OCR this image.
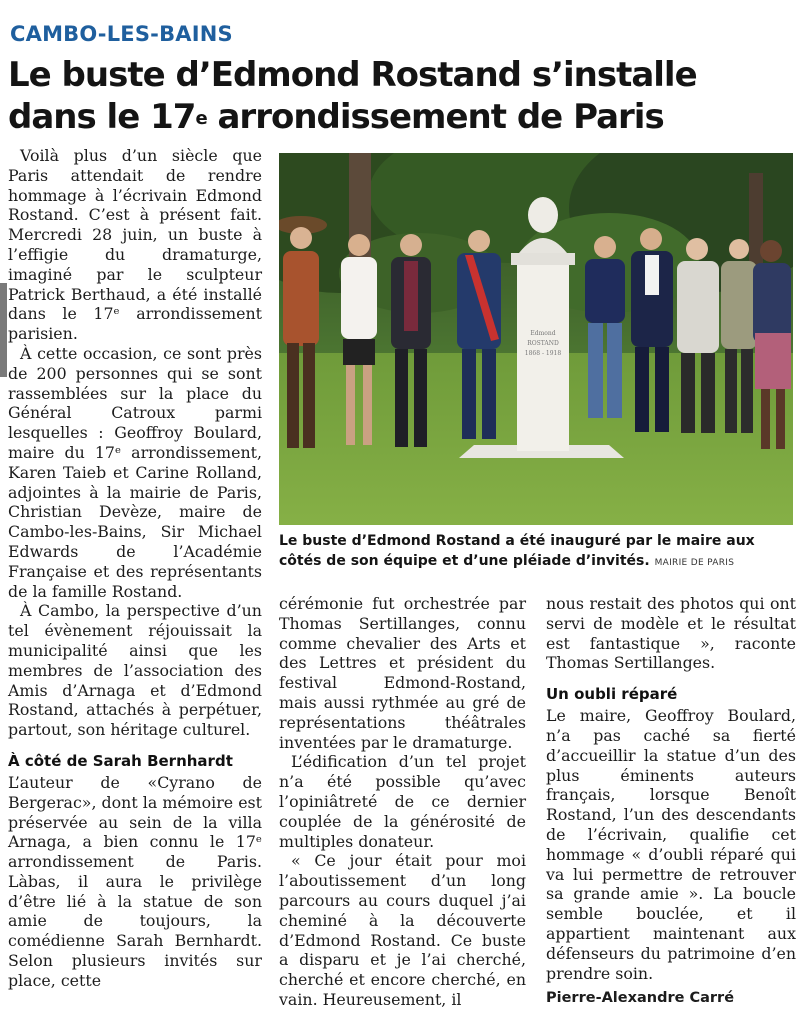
CAMBO-LES-BAINS
Le buste d’Edmond Rostand s’installe
dans le 17e arrondissement de Paris

Voilà plus d’un siècle que Paris attendait de rendre hommage à l’écrivain Edmond Rostand. C’est à présent fait. Mercredi 28 juin, un buste à l’effigie du dramaturge, imaginé par le sculpteur Patrick Berthaud, a été installé dans le 17ᵉ arrondissement parisien.

À cette occasion, ce sont près de 200 personnes qui se sont rassemblées sur la place du Général Catroux parmi lesquelles : Geoffroy Boulard, maire du 17ᵉ arrondissement, Karen Taieb et Carine Rolland, adjointes à la mairie de Paris, Christian Devèze, maire de Cambo-les-Bains, Sir Michael Edwards de l’Académie Française et des représentants de la famille Rostand.

À Cambo, la perspective d’un tel évènement réjouissait la municipalité ainsi que les membres de l’association des Amis d’Arnaga et d’Edmond Rostand, attachés à perpétuer, partout, son héritage culturel.

À côté de Sarah Bernhardt

L’auteur de «Cyrano de Bergerac», dont la mémoire est préservée au sein de la villa Arnaga, a bien connu le 17ᵉ arrondissement de Paris. Làbas, il aura le privilège d’être lié à la statue de son amie de toujours, la comédienne Sarah Bernhardt. Selon plusieurs invités sur place, cette

Edmond
ROSTAND
1868 - 1918
Le buste d’Edmond Rostand a été inauguré par le maire aux côtés de son équipe et d’une pléiade d’invités. MAIRIE DE PARIS

cérémonie fut orchestrée par Thomas Sertillanges, connu comme chevalier des Arts et des Lettres et président du festival Edmond-Rostand, mais aussi rythmée au gré de représentations théâtrales inventées par le dramaturge.

L’édification d’un tel projet n’a été possible qu’avec l’opiniâtreté de ce dernier couplée de la générosité de multiples donateur.

« Ce jour était pour moi l’aboutissement d’un long parcours au cours duquel j’ai cheminé à la découverte d’Edmond Rostand. Ce buste a disparu et je l’ai cherché, cherché et encore cherché, en vain. Heureusement, il

nous restait des photos qui ont servi de modèle et le résultat est fantastique », raconte Thomas Sertillanges.

Un oubli réparé

Le maire, Geoffroy Boulard, n’a pas caché sa fierté d’accueillir la statue d’un des plus éminents auteurs français, lorsque Benoît Rostand, l’un des descendants de l’écrivain, qualifie cet hommage « d’oubli réparé qui va lui permettre de retrouver sa grande amie ». La boucle semble bouclée, et il appartient maintenant aux défenseurs du patrimoine d’en prendre soin.

Pierre-Alexandre Carré
